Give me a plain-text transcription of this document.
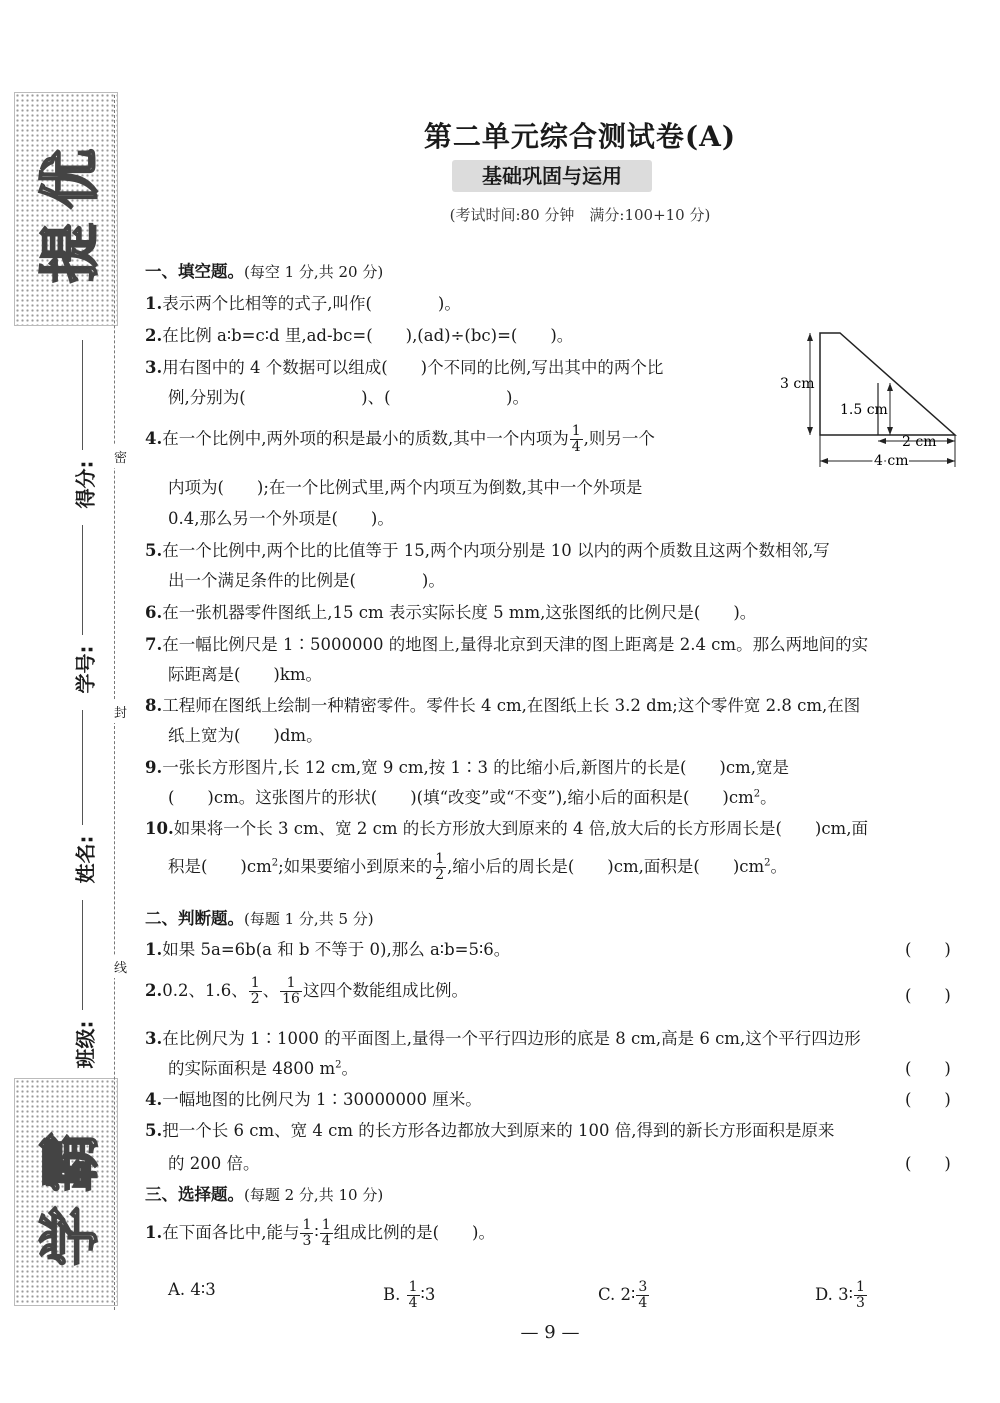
提优
学霸
密
封
线
得分:
学号:
姓名:
班级:
第二单元综合测试卷(A)
基础巩固与运用
(考试时间:80 分钟　满分:100+10 分)
一、填空题。(每空 1 分,共 20 分)
1.表示两个比相等的式子,叫作(　　　　)。
2.在比例 a∶b=c∶d 里,ad-bc=(　　),(ad)÷(bc)=(　　)。
3.用右图中的 4 个数据可以组成(　　)个不同的比例,写出其中的两个比
例,分别为(　　　　　　　)、(　　　　　　　)。
4.在一个比例中,两外项的积是最小的质数,其中一个内项为 $\frac{1}{4}$ ,则另一个
内项为(　　);在一个比例式里,两个内项互为倒数,其中一个外项是
0.4,那么另一个外项是(　　)。
3 cm
1.5 cm
2 cm
4 cm
5.在一个比例中,两个比的比值等于 15,两个内项分别是 10 以内的两个质数且这两个数相邻,写
出一个满足条件的比例是(　　　　)。
6.在一张机器零件图纸上,15 cm 表示实际长度 5 mm,这张图纸的比例尺是(　　)。
7.在一幅比例尺是 1∶5000000 的地图上,量得北京到天津的图上距离是 2.4 cm。那么两地间的实
际距离是(　　)km。
8.工程师在图纸上绘制一种精密零件。零件长 4 cm,在图纸上长 3.2 dm;这个零件宽 2.8 cm,在图
纸上宽为(　　)dm。
9.一张长方形图片,长 12 cm,宽 9 cm,按 1∶3 的比缩小后,新图片的长是(　　)cm,宽是
(　　)cm。这张图片的形状(　　)(填“改变”或“不变”),缩小后的面积是(　　)$cm^2$。
10.如果将一个长 3 cm、宽 2 cm 的长方形放大到原来的 4 倍,放大后的长方形周长是(　　)cm,面
积是(　　)$cm^2$;如果要缩小到原来的 $\frac{1}{2}$ ,缩小后的周长是(　　)cm,面积是(　　)$cm^2$。
二、判断题。(每题 1 分,共 5 分)
1.如果 5a=6b(a 和 b 不等于 0),那么 a∶b=5∶6。	(　　)
2.0.2、1.6、 $\frac{1}{2}$ 、 $\frac{1}{16}$ 这四个数能组成比例。	(　　)
3.在比例尺为 1∶1000 的平面图上,量得一个平行四边形的底是 8 cm,高是 6 cm,这个平行四边形
的实际面积是 4800 $m^2$。	(　　)
4.一幅地图的比例尺为 1∶30000000 厘米。	(　　)
5.把一个长 6 cm、宽 4 cm 的长方形各边都放大到原来的 100 倍,得到的新长方形面积是原来
的 200 倍。	(　　)
三、选择题。(每题 2 分,共 10 分)
1.在下面各比中,能与 $\frac{1}{3}$ ∶ $\frac{1}{4}$ 组成比例的是(　　)。
A. 4∶3	B. $\frac{1}{4}$ ∶3	C. 2∶ $\frac{3}{4}$	D. 3∶ $\frac{1}{3}$
— 9 —
